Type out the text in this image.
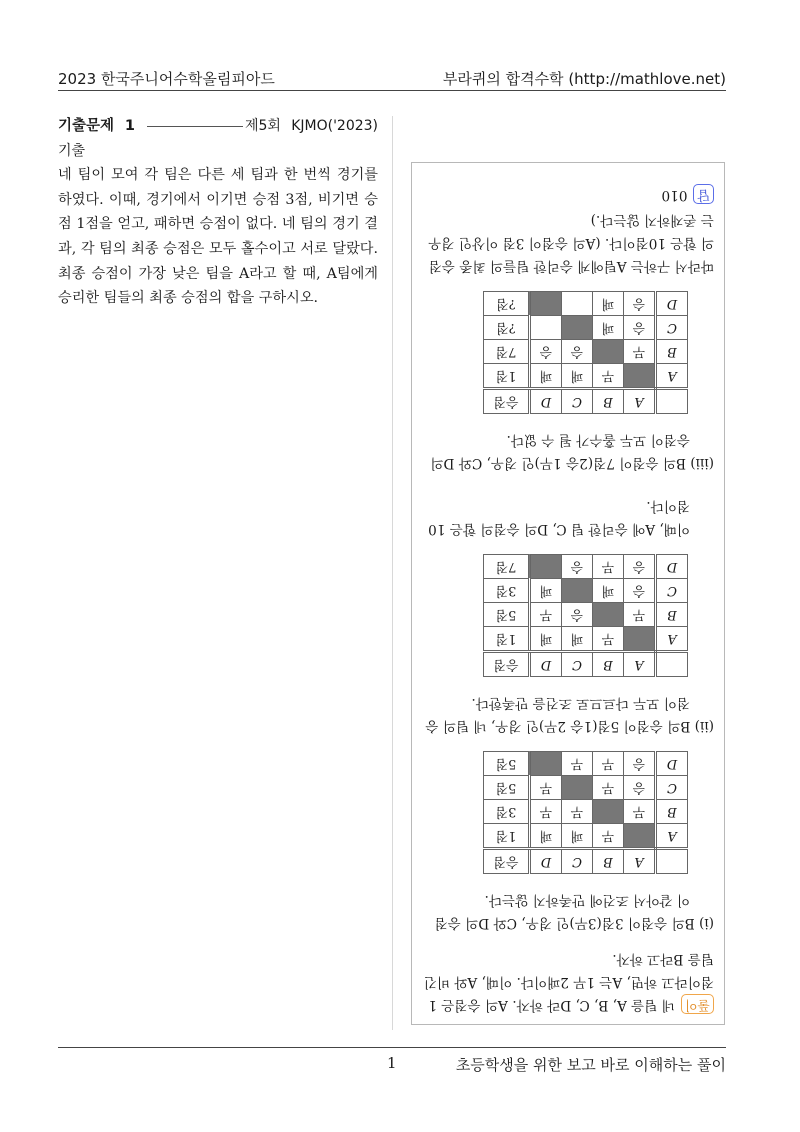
2023 한국주니어수학올림피아드	부라퀴의 합격수학 (http://mathlove.net)
기출문제 1	제5회 KJMO('2023) 기출
네 팀이 모여 각 팀은 다른 세 팀과 한 번씩 경기를 하였다. 이때, 경기에서 이기면 승점 3점, 비기면 승점 1점을 얻고, 패하면 승점이 없다. 네 팀의 경기 결과, 각 팀의 최종 승점은 모두 홀수이고 서로 달랐다. 최종 승점이 가장 낮은 팀을 A라고 할 때, A팀에게 승리한 팀들의 최종 승점의 합을 구하시오.

풀이네 팀을 A, B, C, D라 하자. A의 승점은 1점이라고 하면, A는 1무 2패이다. 이때, A와 비긴 팀을 B라고 하자.

(i) B의 승점이 3점(3무)인 경우, C와 D의 승점이 같아서 조건에 만족하지 않는다.

	A	B	C	D	승점
A		무	패	패	1점
B	무		무	무	3점
C	승	무		무	5점
D	승	무	무		5점

(ii) B의 승점이 5점(1승 2무)인 경우, 네 팀의 승점이 모두 다르므로 조건을 만족한다.

	A	B	C	D	승점
A		무	패	패	1점
B	무		승	무	5점
C	승	패		패	3점
D	승	무	승		7점

이때, A에 승리한 팀 C, D의 승점의 합은 10점이다.

(iii) B의 승점이 7점(2승 1무)인 경우, C와 D의 승점이 모두 홀수가 될 수 없다.

	A	B	C	D	승점
A		무	패	패	1점
B	무		승	승	7점
C	승	패			?점
D	승	패			?점

따라서 구하는 A팀에게 승리한 팀들의 최종 승점의 합은 10점이다. (A의 승점이 3점 이상인 경우는 존재하지 않는다.)

답010

1	초등학생을 위한 보고 바로 이해하는 풀이
